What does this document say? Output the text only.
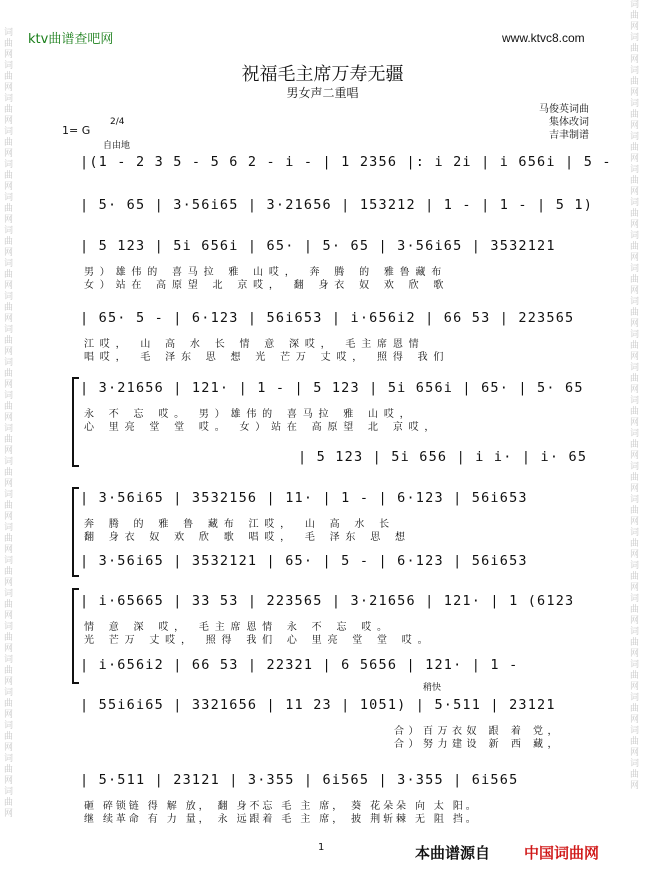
词曲网词曲网词曲网词曲网词曲网词曲网词曲网词曲网词曲网词曲网词曲网词曲网词曲网词曲网词曲网词曲网词曲网词曲网词曲网词曲网词曲网词曲网词曲网词曲网
词曲网词曲网词曲网词曲网词曲网词曲网词曲网词曲网词曲网词曲网词曲网词曲网词曲网词曲网词曲网词曲网词曲网词曲网词曲网词曲网词曲网词曲网词曲网词曲网
ktv曲谱查吧网	www.ktvc8.com
祝福毛主席万寿无疆
男女声二重唱
马俊英词曲
集体改词
吉聿制谱
1= G
2/4
自由地
|(1 - 2 3 5 - 5 6 2 - i - | 1 2356 |: i 2i | i 656i | 5 -
| 5· 65 | 3·56i65 | 3·21656 | 153212 | 1 - | 1 - | 5 1)
| 5 123 | 5i 656i | 65· | 5· 65 | 3·56i65 | 3532121
男）雄伟的 喜马拉 雅 山哎， 奔 腾 的 雅鲁藏布
女）站在 高原望 北 京哎， 翻 身衣 奴 欢 欣 歌
| 65· 5 - | 6·123 | 56i653 | i·656i2 | 66 53 | 223565
江哎， 山 高 水 长 情 意 深哎， 毛主席恩情
唱哎， 毛 泽东 思 想 光 芒万 丈哎， 照得 我们
| 3·21656 | 121· | 1 - | 5 123 | 5i 656i | 65· | 5· 65
永 不 忘 哎。 男）雄伟的 喜马拉 雅 山哎，
心 里亮 堂 堂 哎。 女）站在 高原望 北 京哎，
| 5 123 | 5i 656 | i i· | i· 65
| 3·56i65 | 3532156 | 11· | 1 - | 6·123 | 56i653
奔 腾 的 雅 鲁 藏布 江哎， 山 高 水 长
翻 身衣 奴 欢 欣 歌 唱哎， 毛 泽东 思 想
| 3·56i65 | 3532121 | 65· | 5 - | 6·123 | 56i653
| i·65665 | 33 53 | 223565 | 3·21656 | 121· | 1 (6123
情 意 深 哎， 毛主席恩情 永 不 忘 哎。
光 芒万 丈哎， 照得 我们 心 里亮 堂 堂 哎。
| i·656i2 | 66 53 | 22321 | 6 5656 | 121· | 1 -
稍快
| 55i6i65 | 3321656 | 11 23 | 1051) | 5·511 | 23121
合）百万衣奴 跟 着 党，
合）努力建设 新 西 藏，
| 5·511 | 23121 | 3·355 | 6i565 | 3·355 | 6i565
砸 碎锁链 得 解 放， 翻 身不忘 毛 主 席， 葵 花朵朵 向 太 阳。
继 续革命 有 力 量， 永 远跟着 毛 主 席， 披 荆斩棘 无 阻 挡。
1	本曲谱源自 中国词曲网
